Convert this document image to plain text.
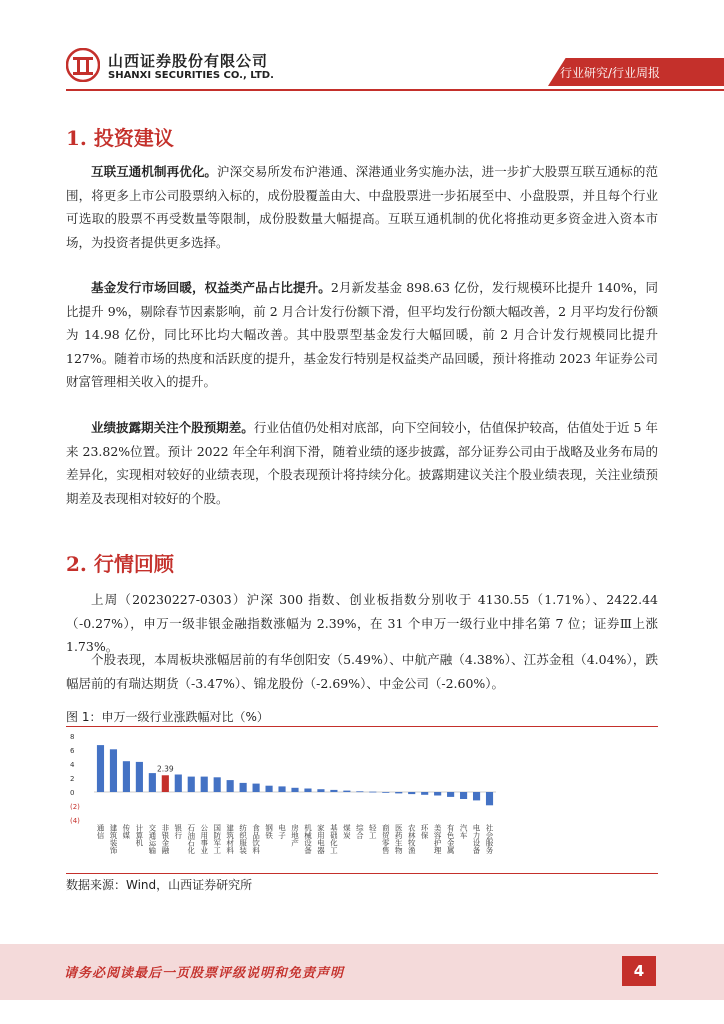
山西证券股份有限公司
SHANXI SECURITIES CO., LTD.	行业研究/行业周报
1. 投资建议
互联互通机制再优化。沪深交易所发布沪港通、深港通业务实施办法，进一步扩大股票互联互通标的范围，将更多上市公司股票纳入标的，成份股覆盖由大、中盘股票进一步拓展至中、小盘股票，并且每个行业可选取的股票不再受数量等限制，成份股数量大幅提高。互联互通机制的优化将推动更多资金进入资本市场，为投资者提供更多选择。
基金发行市场回暖，权益类产品占比提升。2月新发基金 898.63 亿份，发行规模环比提升 140%，同比提升 9%，剔除春节因素影响，前 2 月合计发行份额下滑，但平均发行份额大幅改善，2 月平均发行份额为 14.98 亿份，同比环比均大幅改善。其中股票型基金发行大幅回暖，前 2 月合计发行规模同比提升 127%。随着市场的热度和活跃度的提升，基金发行特别是权益类产品回暖，预计将推动 2023 年证券公司财富管理相关收入的提升。
业绩披露期关注个股预期差。行业估值仍处相对底部，向下空间较小，估值保护较高，估值处于近 5 年来 23.82%位置。预计 2022 年全年利润下滑，随着业绩的逐步披露，部分证券公司由于战略及业务布局的差异化，实现相对较好的业绩表现，个股表现预计将持续分化。披露期建议关注个股业绩表现，关注业绩预期差及表现相对较好的个股。
2. 行情回顾
上周（20230227-0303）沪深 300 指数、创业板指数分别收于 4130.55（1.71%）、2422.44（-0.27%），申万一级非银金融指数涨幅为 2.39%，在 31 个申万一级行业中排名第 7 位；证券Ⅲ上涨 1.73%。
个股表现，本周板块涨幅居前的有华创阳安（5.49%）、中航产融（4.38%）、江苏金租（4.04%），跌幅居前的有瑞达期货（-3.47%）、锦龙股份（-2.69%）、中金公司（-2.60%）。
图 1：申万一级行业涨跌幅对比（%）
8
6
4
2
0
(2)
(4)
通信 建筑装饰 传媒 计算机 交通运输 非银金融
2.39
银行 石油石化 公用事业 国防军工 建筑材料 纺织服装 食品饮料 钢铁 电子 房地产 机械设备 家用电器 基础化工 煤炭 综合 轻工 商贸零售 医药生物 农林牧渔 环保 美容护理 有色金属 汽车 电力设备 社会服务
数据来源：Wind，山西证券研究所
请务必阅读最后一页股票评级说明和免责声明	4
